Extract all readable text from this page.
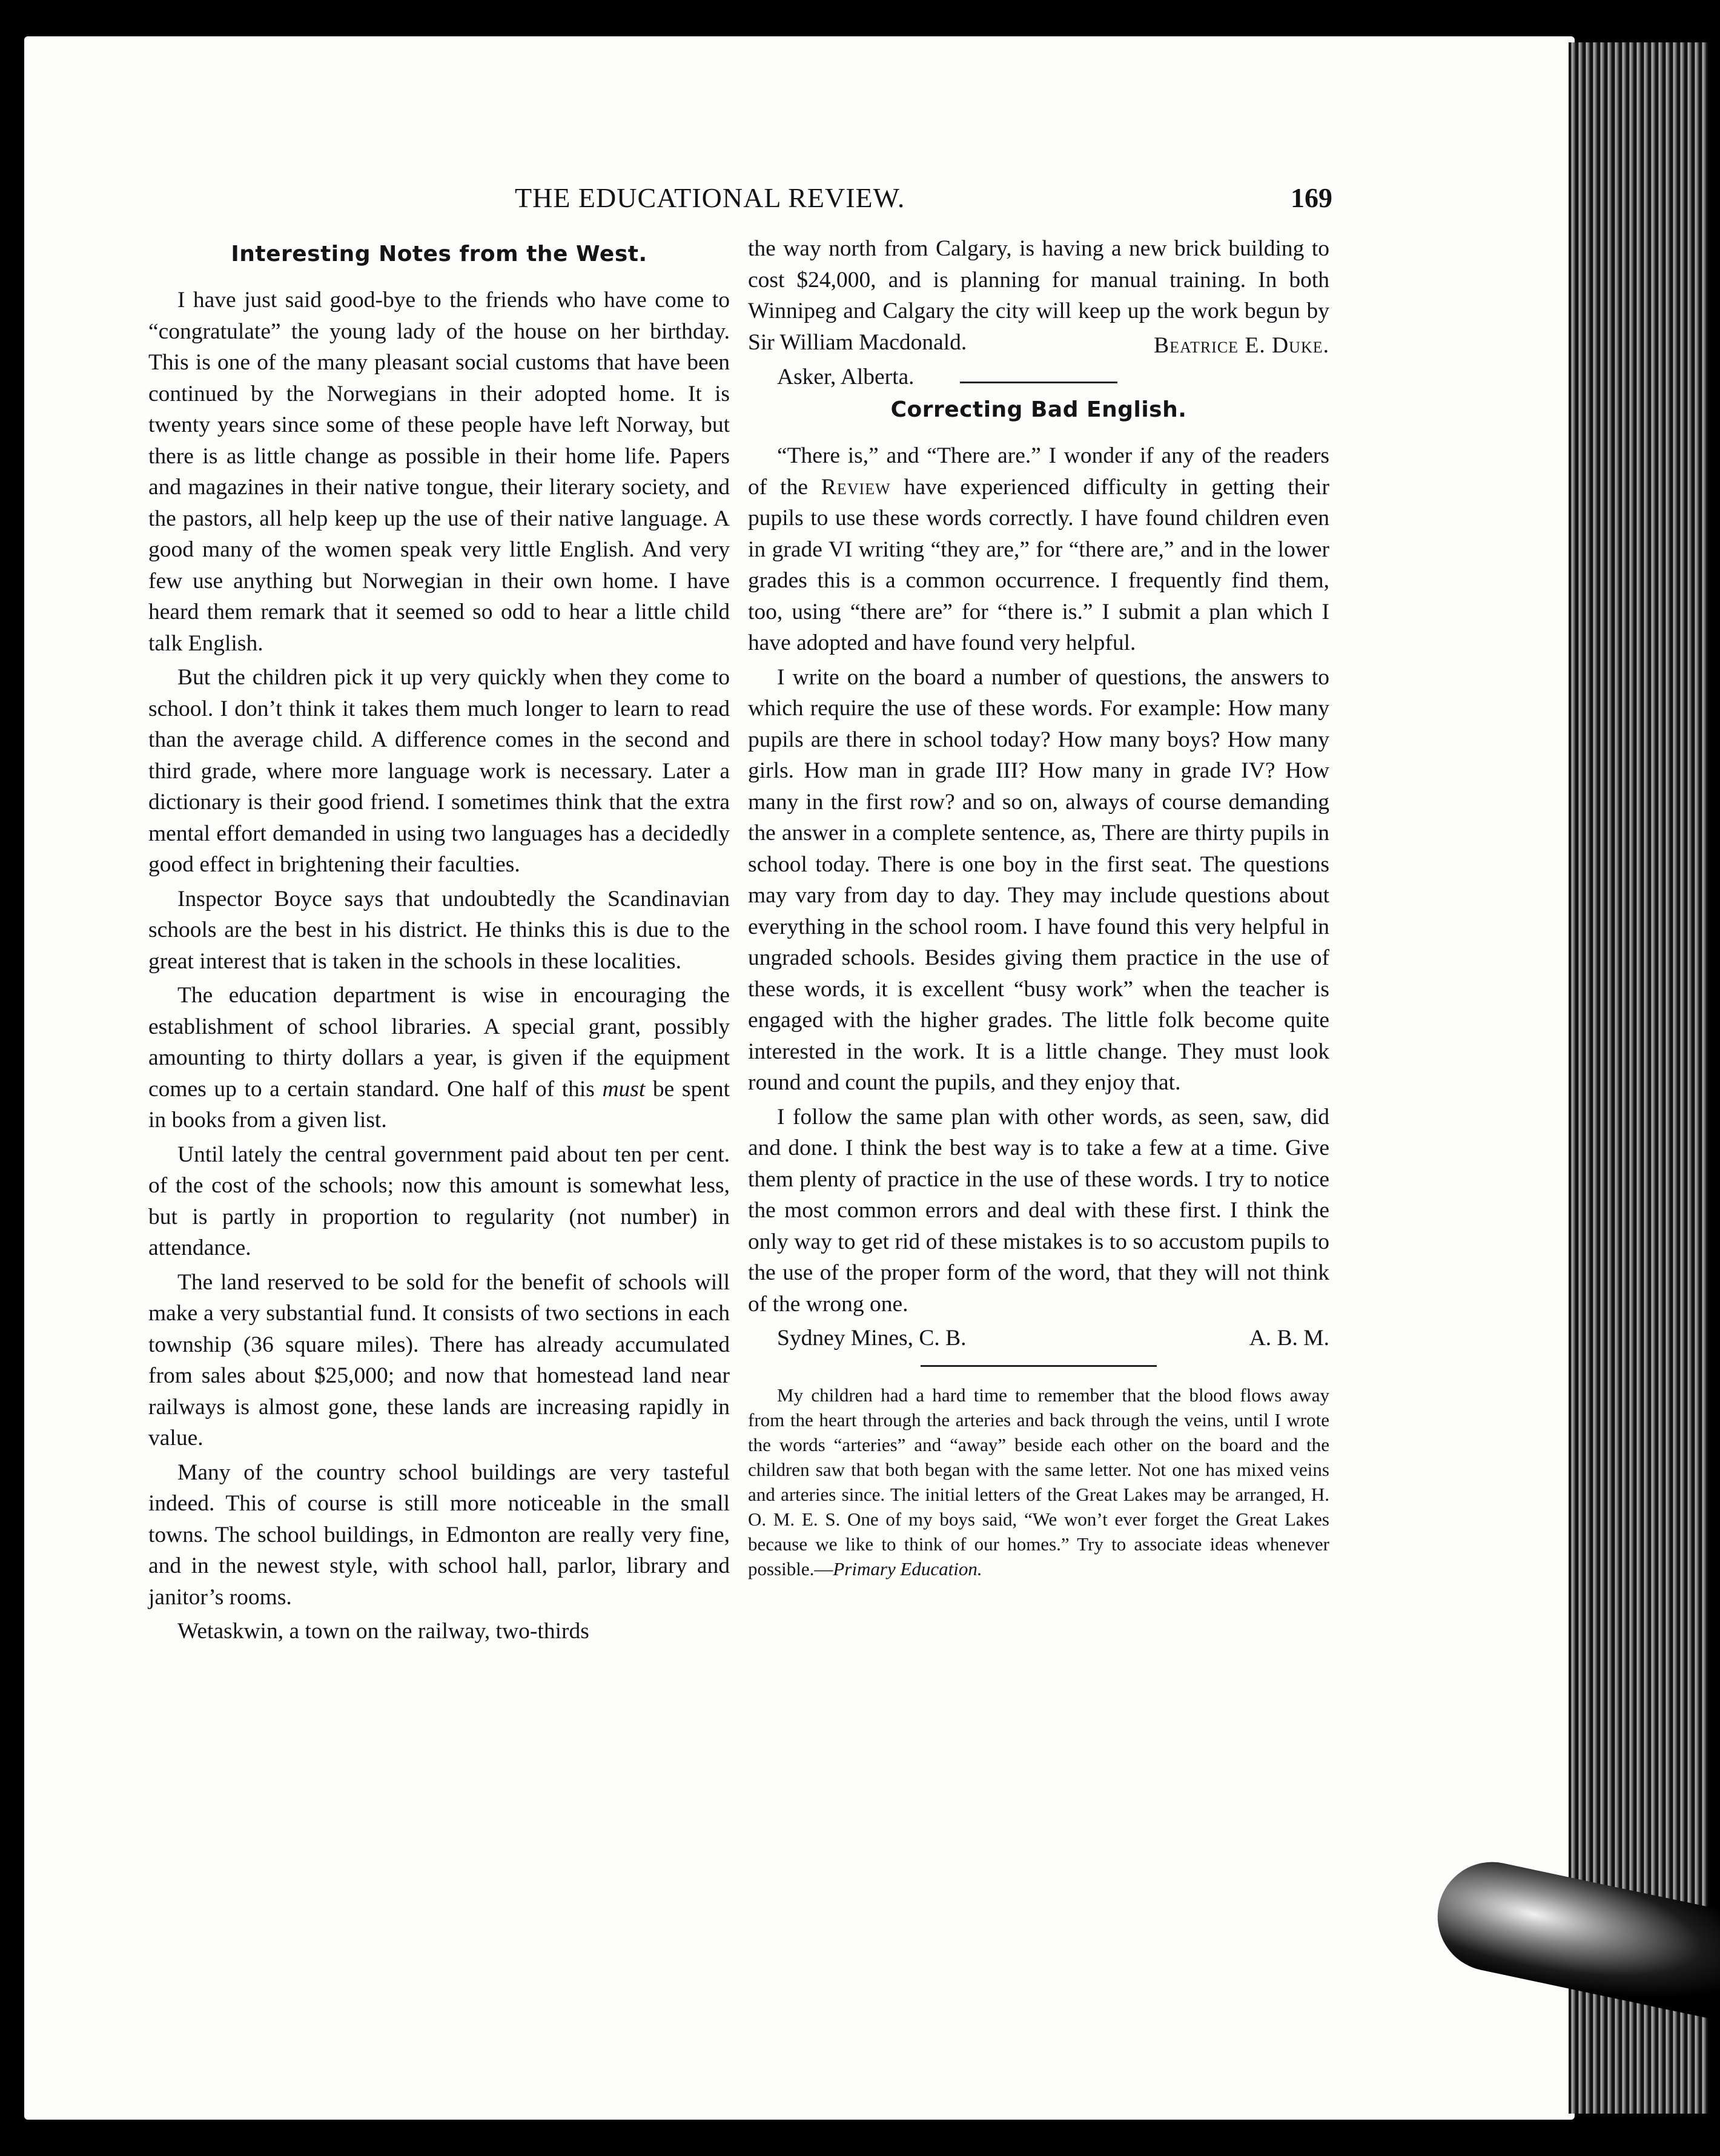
THE EDUCATIONAL REVIEW.	169
Interesting Notes from the West.

I have just said good-bye to the friends who have come to “congratulate” the young lady of the house on her birthday. This is one of the many pleasant social customs that have been continued by the Norwegians in their adopted home. It is twenty years since some of these people have left Norway, but there is as little change as possible in their home life. Papers and magazines in their native tongue, their literary society, and the pastors, all help keep up the use of their native language. A good many of the women speak very little English. And very few use anything but Norwegian in their own home. I have heard them remark that it seemed so odd to hear a little child talk English.

But the children pick it up very quickly when they come to school. I don’t think it takes them much longer to learn to read than the average child. A difference comes in the second and third grade, where more language work is necessary. Later a dictionary is their good friend. I sometimes think that the extra mental effort demanded in using two languages has a decidedly good effect in brightening their faculties.

Inspector Boyce says that undoubtedly the Scandinavian schools are the best in his district. He thinks this is due to the great interest that is taken in the schools in these localities.

The education department is wise in encouraging the establishment of school libraries. A special grant, possibly amounting to thirty dollars a year, is given if the equipment comes up to a certain standard. One half of this must be spent in books from a given list.

Until lately the central government paid about ten per cent. of the cost of the schools; now this amount is somewhat less, but is partly in proportion to regularity (not number) in attendance.

The land reserved to be sold for the benefit of schools will make a very substantial fund. It consists of two sections in each township (36 square miles). There has already accumulated from sales about $25,000; and now that homestead land near railways is almost gone, these lands are increasing rapidly in value.

Many of the country school buildings are very tasteful indeed. This of course is still more noticeable in the small towns. The school buildings, in Edmonton are really very fine, and in the newest style, with school hall, parlor, library and janitor’s rooms.

Wetaskwin, a town on the railway, two-thirds

the way north from Calgary, is having a new brick building to cost $24,000, and is planning for manual training. In both Winnipeg and Calgary the city will keep up the work begun by Sir William Macdonald.	Beatrice E. Duke.
Asker, Alberta.
Correcting Bad English.

“There is,” and “There are.” I wonder if any of the readers of the Review have experienced difficulty in getting their pupils to use these words correctly. I have found children even in grade VI writing “they are,” for “there are,” and in the lower grades this is a common occurrence. I frequently find them, too, using “there are” for “there is.” I submit a plan which I have adopted and have found very helpful.

I write on the board a number of questions, the answers to which require the use of these words. For example: How many pupils are there in school today? How many boys? How many girls. How man in grade III? How many in grade IV? How many in the first row? and so on, always of course demanding the answer in a complete sentence, as, There are thirty pupils in school today. There is one boy in the first seat. The questions may vary from day to day. They may include questions about everything in the school room. I have found this very helpful in ungraded schools. Besides giving them practice in the use of these words, it is excellent “busy work” when the teacher is engaged with the higher grades. The little folk become quite interested in the work. It is a little change. They must look round and count the pupils, and they enjoy that.

I follow the same plan with other words, as seen, saw, did and done. I think the best way is to take a few at a time. Give them plenty of practice in the use of these words. I try to notice the most common errors and deal with these first. I think the only way to get rid of these mistakes is to so accustom pupils to the use of the proper form of the word, that they will not think of the wrong one.

Sydney Mines, C. B.	A. B. M.

My children had a hard time to remember that the blood flows away from the heart through the arteries and back through the veins, until I wrote the words “arteries” and “away” beside each other on the board and the children saw that both began with the same letter. Not one has mixed veins and arteries since. The initial letters of the Great Lakes may be arranged, H. O. M. E. S. One of my boys said, “We won’t ever forget the Great Lakes because we like to think of our homes.” Try to associate ideas whenever possible.—Primary Education.
